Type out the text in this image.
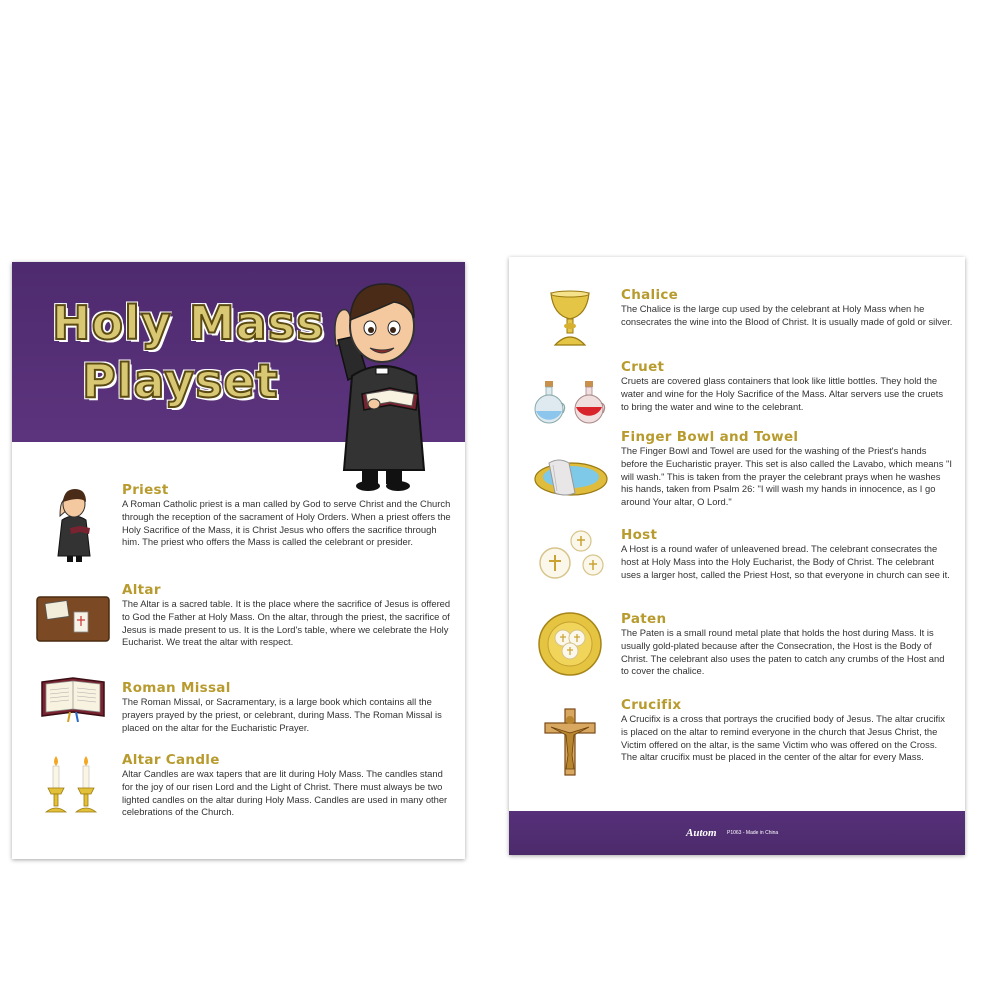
Holy Mass
Playset
Priest
A Roman Catholic priest is a man called by God to serve Christ and the Church through the reception of the sacrament of Holy Orders. When a priest offers the Holy Sacrifice of the Mass, it is Christ Jesus who offers the sacrifice through him. The priest who offers the Mass is called the celebrant or presider.
Altar
The Altar is a sacred table. It is the place where the sacrifice of Jesus is offered to God the Father at Holy Mass. On the altar, through the priest, the sacrifice of Jesus is made present to us. It is the Lord's table, where we celebrate the Holy Eucharist. We treat the altar with respect.
Roman Missal
The Roman Missal, or Sacramentary, is a large book which contains all the prayers prayed by the priest, or celebrant, during Mass. The Roman Missal is placed on the altar for the Eucharistic Prayer.
Altar Candle
Altar Candles are wax tapers that are lit during Holy Mass. The candles stand for the joy of our risen Lord and the Light of Christ. There must always be two lighted candles on the altar during Holy Mass. Candles are used in many other celebrations of the Church.
Chalice
The Chalice is the large cup used by the celebrant at Holy Mass when he consecrates the wine into the Blood of Christ. It is usually made of gold or silver.
Cruet
Cruets are covered glass containers that look like little bottles. They hold the water and wine for the Holy Sacrifice of the Mass. Altar servers use the cruets to bring the water and wine to the celebrant.
Finger Bowl and Towel
The Finger Bowl and Towel are used for the washing of the Priest's hands before the Eucharistic prayer. This set is also called the Lavabo, which means "I will wash." This is taken from the prayer the celebrant prays when he washes his hands, taken from Psalm 26: "I will wash my hands in innocence, as I go around Your altar, O Lord."
Host
A Host is a round wafer of unleavened bread. The celebrant consecrates the host at Holy Mass into the Holy Eucharist, the Body of Christ. The celebrant uses a larger host, called the Priest Host, so that everyone in church can see it.
Paten
The Paten is a small round metal plate that holds the host during Mass. It is usually gold-plated because after the Consecration, the Host is the Body of Christ. The celebrant also uses the paten to catch any crumbs of the Host and to cover the chalice.
Crucifix
A Crucifix is a cross that portrays the crucified body of Jesus. The altar crucifix is placed on the altar to remind everyone in the church that Jesus Christ, the Victim offered on the altar, is the same Victim who was offered on the Cross. The altar crucifix must be placed in the center of the altar for every Mass.
Autom P1063 - Made in China
